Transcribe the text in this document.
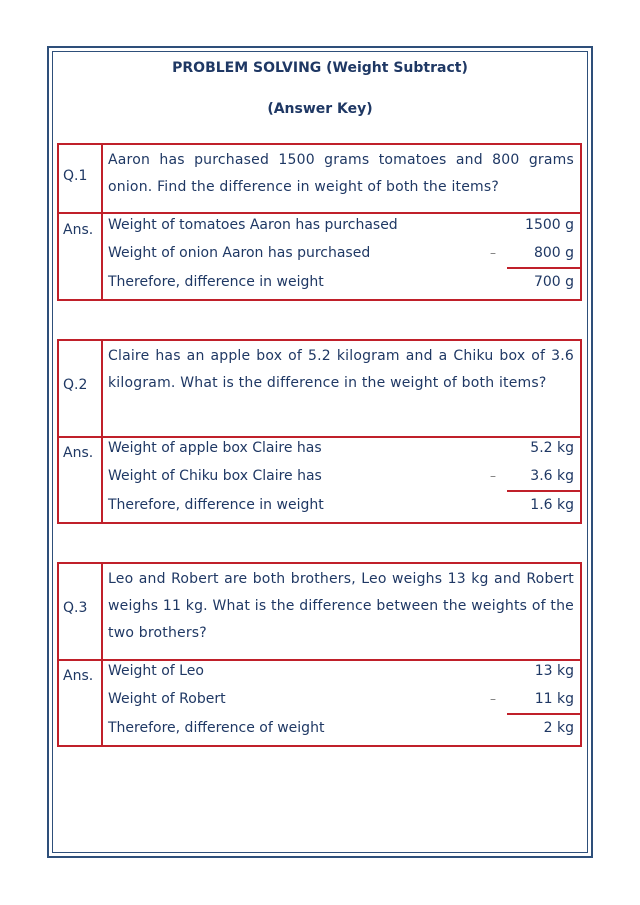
PROBLEM SOLVING (Weight Subtract)
(Answer Key)
Q.1
Aaron has purchased 1500 grams tomatoes and 800 grams onion. Find the difference in weight of both the items?
Ans. Weight of tomatoes Aaron has purchased	1500 g
Weight of onion Aaron has purchased	–	800 g
Therefore, difference in weight	700 g
Q.2
Claire has an apple box of 5.2 kilogram and a Chiku box of 3.6 kilogram. What is the difference in the weight of both items?
Ans. Weight of apple box Claire has	5.2 kg
Weight of Chiku box Claire has	–	3.6 kg
Therefore, difference in weight	1.6 kg
Q.3
Leo and Robert are both brothers, Leo weighs 13 kg and Robert weighs 11 kg. What is the difference between the weights of the two brothers?
Ans. Weight of Leo	13 kg
Weight of Robert	–	11 kg
Therefore, difference of weight	2 kg
